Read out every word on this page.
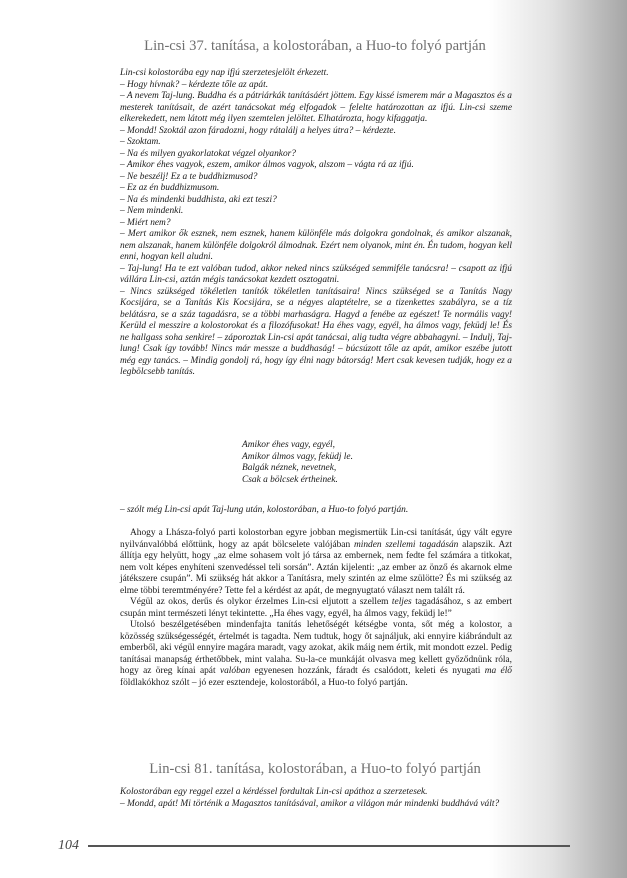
Lin-csi 37. tanítása, a kolostorában, a Huo-to folyó partján

Lin-csi kolostorába egy nap ifjú szerzetesjelölt érkezett.

– Hogy hívnak? – kérdezte tőle az apát.

– A nevem Taj-lung. Buddha és a pátriárkák tanításáért jöttem. Egy kissé ismerem már a Magasztos és a mesterek tanításait, de azért tanácsokat még elfogadok – felelte határozottan az ifjú. Lin-csi szeme elkerekedett, nem látott még ilyen szemtelen jelöltet. Elhatározta, hogy kifaggatja.

– Mondd! Szoktál azon fáradozni, hogy rátalálj a helyes útra? – kérdezte.

– Szoktam.

– Na és milyen gyakorlatokat végzel olyankor?

– Amikor éhes vagyok, eszem, amikor álmos vagyok, alszom – vágta rá az ifjú.

– Ne beszélj! Ez a te buddhizmusod?

– Ez az én buddhizmusom.

– Na és mindenki buddhista, aki ezt teszi?

– Nem mindenki.

– Miért nem?

– Mert amikor ők esznek, nem esznek, hanem különféle más dolgokra gondolnak, és amikor alszanak, nem alszanak, hanem különféle dolgokról álmodnak. Ezért nem olyanok, mint én. Én tudom, hogyan kell enni, hogyan kell aludni.

– Taj-lung! Ha te ezt valóban tudod, akkor neked nincs szükséged semmiféle tanácsra! – csapott az ifjú vállára Lin-csi, aztán mégis tanácsokat kezdett osztogatni.

– Nincs szükséged tökéletlen tanítók tökéletlen tanításaira! Nincs szükséged se a Tanítás Nagy Kocsijára, se a Tanítás Kis Kocsijára, se a négyes alaptételre, se a tizenkettes szabályra, se a tíz belátásra, se a száz tagadásra, se a többi marhaságra. Hagyd a fenébe az egészet! Te normális vagy! Kerüld el messzire a kolostorokat és a filozófusokat! Ha éhes vagy, egyél, ha álmos vagy, feküdj le! És ne hallgass soha senkire! – záporoztak Lin-csi apát tanácsai, alig tudta végre abbahagyni. – Indulj, Taj-lung! Csak így tovább! Nincs már messze a buddhaság! – búcsúzott tőle az apát, amikor eszébe jutott még egy tanács. – Mindig gondolj rá, hogy így élni nagy bátorság! Mert csak kevesen tudják, hogy ez a legbölcsebb tanítás.

Amikor éhes vagy, egyél,
Amikor álmos vagy, feküdj le.
Balgák néznek, nevetnek,
Csak a bölcsek értheinek.
– szólt még Lin-csi apát Taj-lung után, kolostorában, a Huo-to folyó partján.

Ahogy a Lhásza-folyó parti kolostorban egyre jobban megismertük Lin-csi tanítását, úgy vált egyre nyilvánvalóbbá előttünk, hogy az apát bölcselete valójában minden szellemi tagadásán alapszik. Azt állítja egy helyütt, hogy „az elme sohasem volt jó társa az embernek, nem fedte fel számára a titkokat, nem volt képes enyhíteni szenvedéssel teli sorsán”. Aztán kijelenti: „az ember az önző és akarnok elme játékszere csupán”. Mi szükség hát akkor a Tanításra, mely szintén az elme szülötte? És mi szükség az elme többi teremtményére? Tette fel a kérdést az apát, de megnyugtató választ nem talált rá.

Végül az okos, derűs és olykor érzelmes Lin-csi eljutott a szellem teljes tagadásához, s az embert csupán mint természeti lényt tekintette. „Ha éhes vagy, egyél, ha álmos vagy, feküdj le!”

Utolsó beszélgetésében mindenfajta tanítás lehetőségét kétségbe vonta, sőt még a kolostor, a közösség szükségességét, értelmét is tagadta. Nem tudtuk, hogy őt sajnáljuk, aki ennyire kiábrándult az emberből, aki végül ennyire magára maradt, vagy azokat, akik máig nem értik, mit mondott ezzel. Pedig tanításai manapság érthetőbbek, mint valaha. Su-la-ce munkáját olvasva meg kellett győződnünk róla, hogy az öreg kínai apát valóban egyenesen hozzánk, fáradt és csalódott, keleti és nyugati ma élő földlakókhoz szólt – jó ezer esztendeje, kolostorából, a Huo-to folyó partján.

Lin-csi 81. tanítása, kolostorában, a Huo-to folyó partján

Kolostorában egy reggel ezzel a kérdéssel fordultak Lin-csi apáthoz a szerzetesek.

– Mondd, apát! Mi történik a Magasztos tanításával, amikor a világon már mindenki buddhává vált?

104
